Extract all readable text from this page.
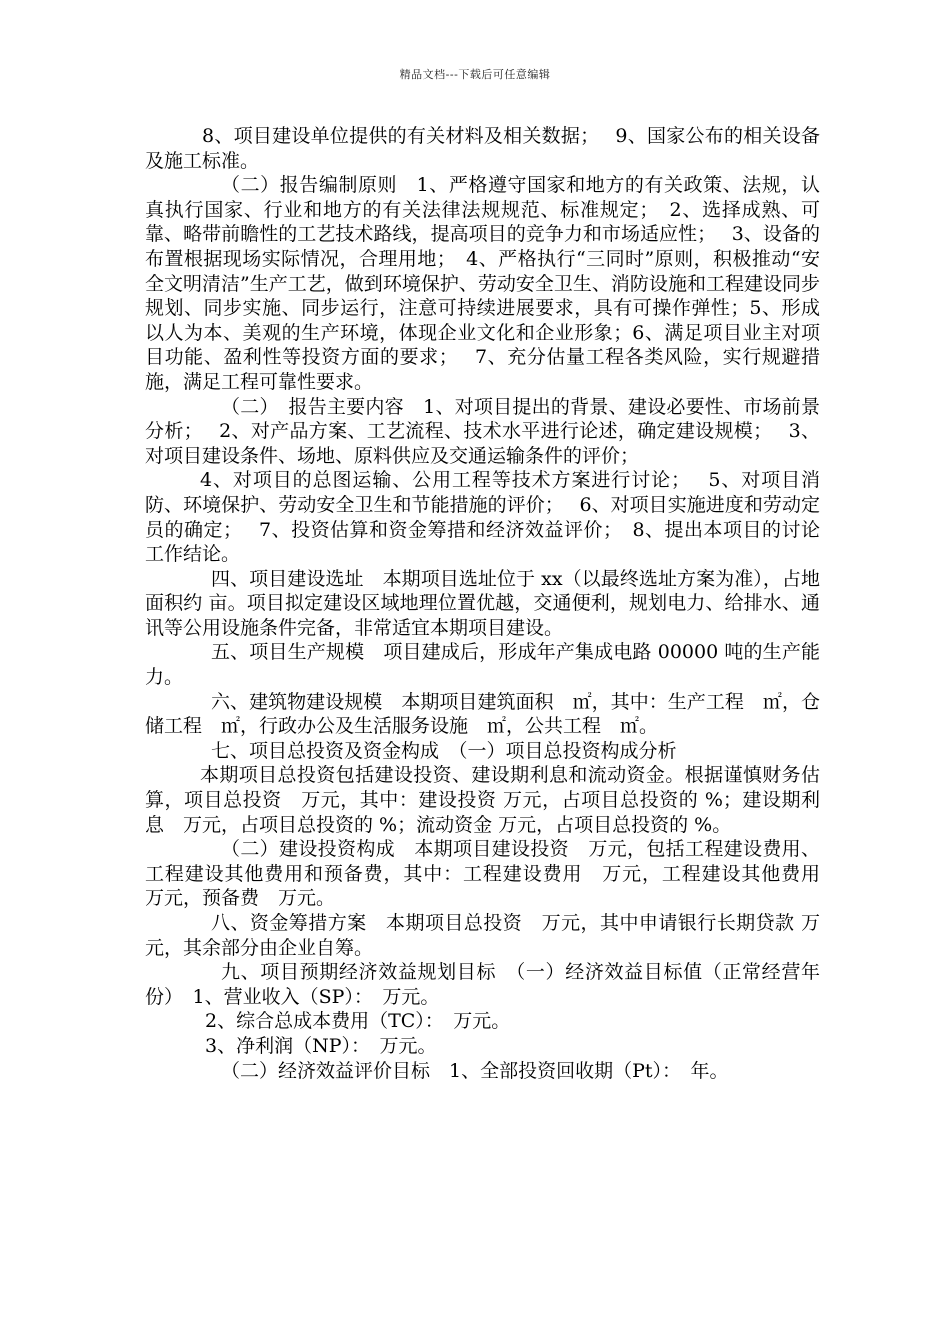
精品文档---下载后可任意编辑

8、项目建设单位提供的有关材料及相关数据；　 9、国家公布的相关设备及施工标准。

（二）报告编制原则　1、严格遵守国家和地方的有关政策、法规，认真执行国家、行业和地方的有关法律法规规范、标准规定；　2、选择成熟、可靠、略带前瞻性的工艺技术路线，提高项目的竞争力和市场适应性；　 3、设备的布置根据现场实际情况，合理用地；　4、严格执行“三同时”原则，积极推动“安全文明清洁”生产工艺，做到环境保护、劳动安全卫生、消防设施和工程建设同步规划、同步实施、同步运行，注意可持续进展要求，具有可操作弹性；5、形成以人为本、美观的生产环境，体现企业文化和企业形象；6、满足项目业主对项目功能、盈利性等投资方面的要求；　 7、充分估量工程各类风险，实行规避措施，满足工程可靠性要求。

（二）　报告主要内容　1、对项目提出的背景、建设必要性、市场前景分析；　 2、对产品方案、工艺流程、技术水平进行论述，确定建设规模；　 3、对项目建设条件、场地、原料供应及交通运输条件的评价；

4、对项目的总图运输、公用工程等技术方案进行讨论；　 5、对项目消防、环境保护、劳动安全卫生和节能措施的评价；　 6、对项目实施进度和劳动定员的确定；　 7、投资估算和资金筹措和经济效益评价；　8、提出本项目的讨论工作结论。

四、项目建设选址　本期项目选址位于 xx（以最终选址方案为准），占地面积约 亩。项目拟定建设区域地理位置优越，交通便利，规划电力、给排水、通讯等公用设施条件完备，非常适宜本期项目建设。

五、项目生产规模　项目建成后，形成年产集成电路 00000 吨的生产能力。

六、建筑物建设规模　本期项目建筑面积　㎡，其中：生产工程　㎡，仓储工程　㎡，行政办公及生活服务设施　㎡，公共工程　㎡。

七、项目总投资及资金构成　（一）项目总投资构成分析

本期项目总投资包括建设投资、建设期利息和流动资金。根据谨慎财务估算，项目总投资　万元，其中：建设投资 万元，占项目总投资的 %；建设期利息　万元，占项目总投资的 %；流动资金 万元，占项目总投资的 %。

（二）建设投资构成　本期项目建设投资　万元，包括工程建设费用、工程建设其他费用和预备费，其中：工程建设费用　万元，工程建设其他费用　万元，预备费　万元。

八、资金筹措方案　本期项目总投资　万元，其中申请银行长期贷款 万元，其余部分由企业自筹。

九、项目预期经济效益规划目标　（一）经济效益目标值（正常经营年份）　1、营业收入（SP）：　万元。

2、综合总成本费用（TC）：　万元。

3、净利润（NP）：　万元。

（二）经济效益评价目标　1、全部投资回收期（Pt）：　年。
